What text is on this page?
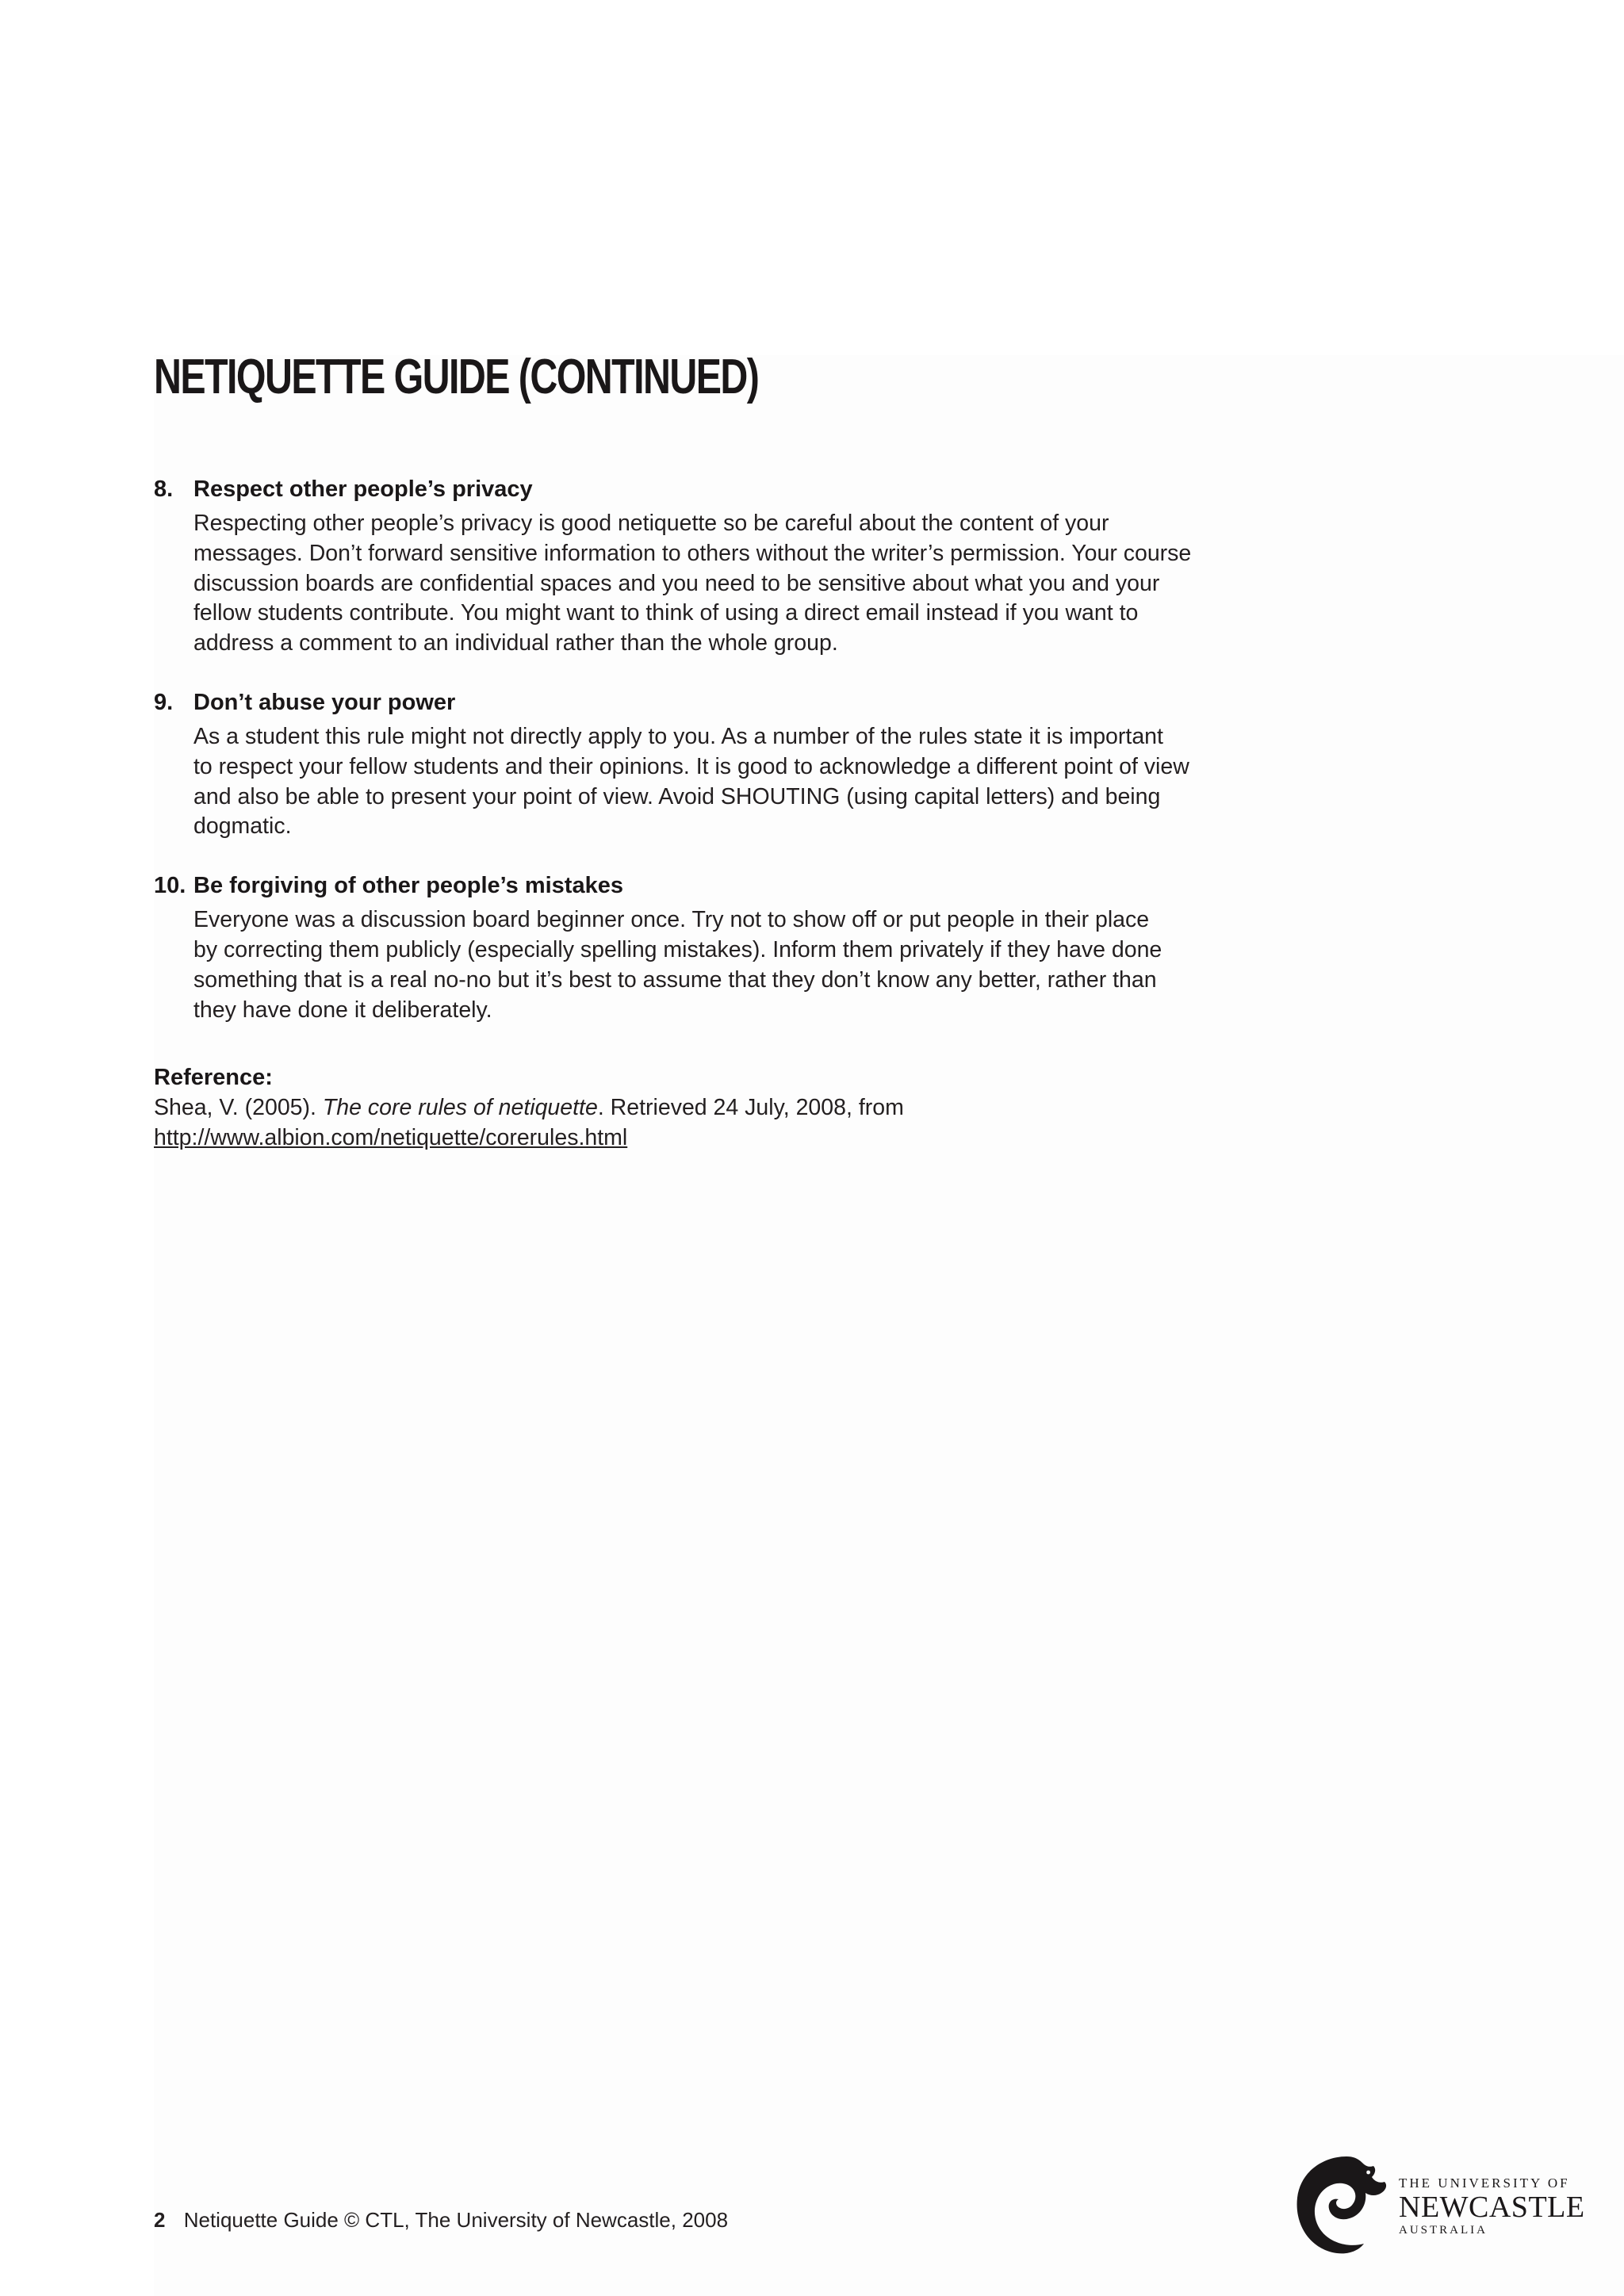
NETIQUETTE GUIDE (CONTINUED)
8. Respect other people’s privacy

Respecting other people’s privacy is good netiquette so be careful about the content of your
messages. Don’t forward sensitive information to others without the writer’s permission. Your course
discussion boards are confidential spaces and you need to be sensitive about what you and your
fellow students contribute. You might want to think of using a direct email instead if you want to
address a comment to an individual rather than the whole group.

9. Don’t abuse your power

As a student this rule might not directly apply to you. As a number of the rules state it is important
to respect your fellow students and their opinions. It is good to acknowledge a different point of view
and also be able to present your point of view. Avoid SHOUTING (using capital letters) and being
dogmatic.

10. Be forgiving of other people’s mistakes

Everyone was a discussion board beginner once. Try not to show off or put people in their place
by correcting them publicly (especially spelling mistakes). Inform them privately if they have done
something that is a real no-no but it’s best to assume that they don’t know any better, rather than
they have done it deliberately.

Reference:
Shea, V. (2005). The core rules of netiquette. Retrieved 24 July, 2008, from
http://www.albion.com/netiquette/corerules.html
2 Netiquette Guide © CTL, The University of Newcastle, 2008
THE UNIVERSITY OF
NEWCASTLE
AUSTRALIA
